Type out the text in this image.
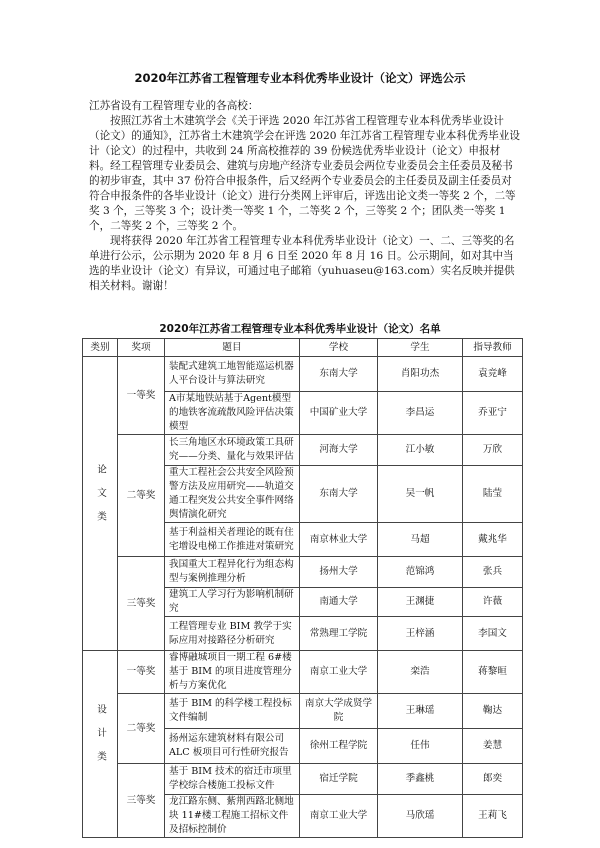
2020年江苏省工程管理专业本科优秀毕业设计（论文）评选公示

江苏省设有工程管理专业的各高校：

按照江苏省土木建筑学会《关于评选 2020 年江苏省工程管理专业本科优秀毕业设计（论文）的通知》，江苏省土木建筑学会在评选 2020 年江苏省工程管理专业本科优秀毕业设计（论文）的过程中，共收到 24 所高校推荐的 39 份候选优秀毕业设计（论文）申报材料。经工程管理专业委员会、建筑与房地产经济专业委员会两位专业委员会主任委员及秘书的初步审查，其中 37 份符合申报条件，后又经两个专业委员会的主任委员及副主任委员对符合申报条件的各毕业设计（论文）进行分类网上评审后，评选出论文类一等奖 2 个，二等奖 3 个，三等奖 3 个；设计类一等奖 1 个，二等奖 2 个，三等奖 2 个；团队类一等奖 1 个，二等奖 2 个，三等奖 2 个。

现将获得 2020 年江苏省工程管理专业本科优秀毕业设计（论文）一、二、三等奖的名单进行公示，公示期为 2020 年 8 月 6 日至 2020 年 8 月 16 日。公示期间，如对其中当选的毕业设计（论文）有异议，可通过电子邮箱（yuhuaseu@163.com）实名反映并提供相关材料。谢谢！

2020年江苏省工程管理专业本科优秀毕业设计（论文）名单
类别	奖项	题目	学校	学生	指导教师
论文类	一等奖	装配式建筑工地智能巡运机器人平台设计与算法研究	东南大学	肖阳功杰	袁竞峰
		A市某地铁站基于Agent模型的地铁客流疏散风险评估决策模型	中国矿业大学	李昌运	乔亚宁
	二等奖	长三角地区水环境政策工具研究——分类、量化与效果评估	河海大学	江小敏	万欣
		重大工程社会公共安全风险预警方法及应用研究——轨道交通工程突发公共安全事件网络舆情演化研究	东南大学	吴一帆	陆莹
		基于利益相关者理论的既有住宅增设电梯工作推进对策研究	南京林业大学	马超	戴兆华
	三等奖	我国重大工程异化行为组态构型与案例推理分析	扬州大学	范锦鸿	张兵
		建筑工人学习行为影响机制研究	南通大学	王渊捷	许薇
		工程管理专业 BIM 教学于实际应用对接路径分析研究	常熟理工学院	王梓涵	李国文
设计类	一等奖	睿博融城项目一期工程 6#楼基于 BIM 的项目进度管理分析与方案优化	南京工业大学	栾浩	蒋黎晅
	二等奖	基于 BIM 的科学楼工程投标文件编制	南京大学成贤学院	王琳瑶	鞠达
		扬州运东建筑材料有限公司 ALC 板项目可行性研究报告	徐州工程学院	任伟	姜慧
	三等奖	基于 BIM 技术的宿迁市项里学校综合楼施工投标文件	宿迁学院	季鑫桃	郎奕
		龙江路东侧、紫荆西路北侧地块 11#楼工程施工招标文件及招标控制价	南京工业大学	马欣瑶	王莉飞
